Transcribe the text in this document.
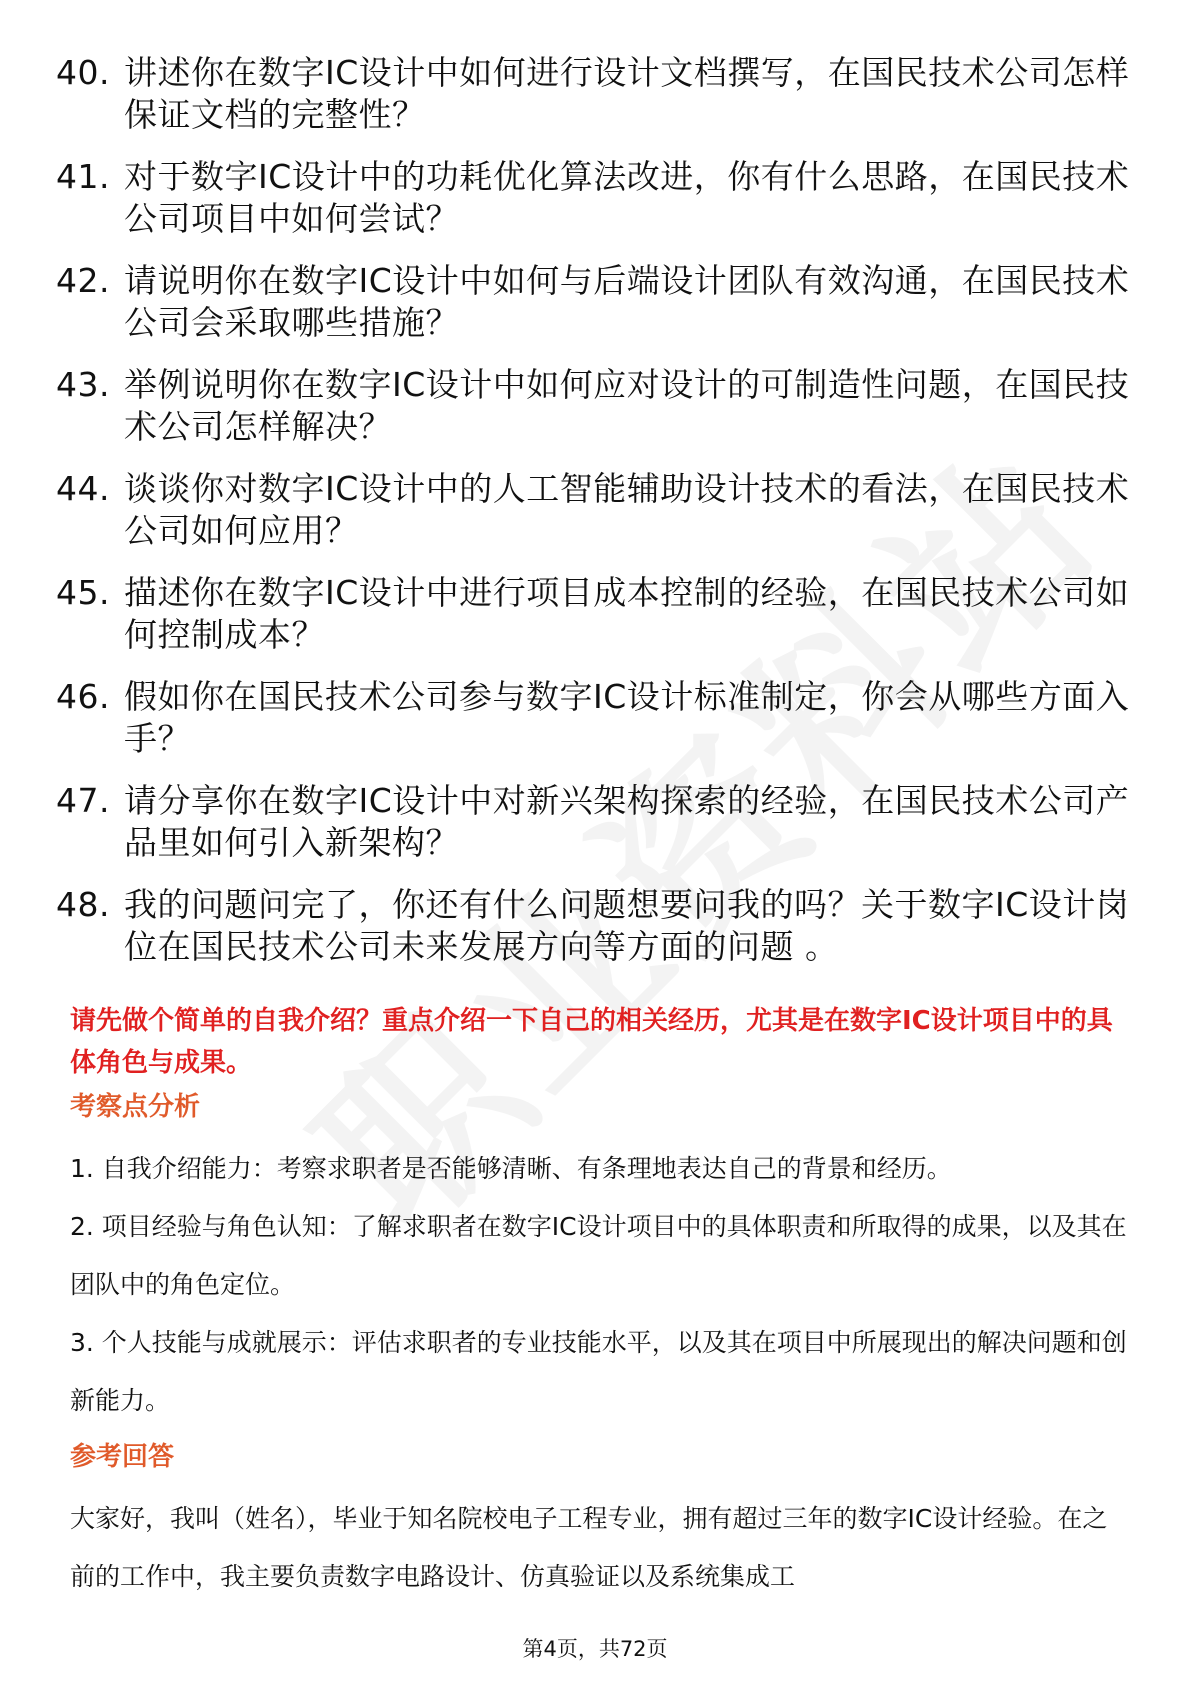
40. 讲述你在数字IC设计中如何进行设计文档撰写，在国民技术公司怎样保证文档的完整性？
41. 对于数字IC设计中的功耗优化算法改进，你有什么思路，在国民技术公司项目中如何尝试？
42. 请说明你在数字IC设计中如何与后端设计团队有效沟通，在国民技术公司会采取哪些措施？
43. 举例说明你在数字IC设计中如何应对设计的可制造性问题，在国民技术公司怎样解决？
44. 谈谈你对数字IC设计中的人工智能辅助设计技术的看法，在国民技术公司如何应用？
45. 描述你在数字IC设计中进行项目成本控制的经验，在国民技术公司如何控制成本？
46. 假如你在国民技术公司参与数字IC设计标准制定，你会从哪些方面入手？
47. 请分享你在数字IC设计中对新兴架构探索的经验，在国民技术公司产品里如何引入新架构？
48. 我的问题问完了，你还有什么问题想要问我的吗？关于数字IC设计岗位在国民技术公司未来发展方向等方面的问题 。
请先做个简单的自我介绍？重点介绍一下自己的相关经历，尤其是在数字IC设计项目中的具体角色与成果。
考察点分析
1. 自我介绍能力：考察求职者是否能够清晰、有条理地表达自己的背景和经历。
2. 项目经验与角色认知：了解求职者在数字IC设计项目中的具体职责和所取得的成果，以及其在团队中的角色定位。
3. 个人技能与成就展示：评估求职者的专业技能水平，以及其在项目中所展现出的解决问题和创新能力。
参考回答

大家好，我叫（姓名），毕业于知名院校电子工程专业，拥有超过三年的数字IC设计经验。在之前的工作中，我主要负责数字电路设计、仿真验证以及系统集成工

第4页，共72页
